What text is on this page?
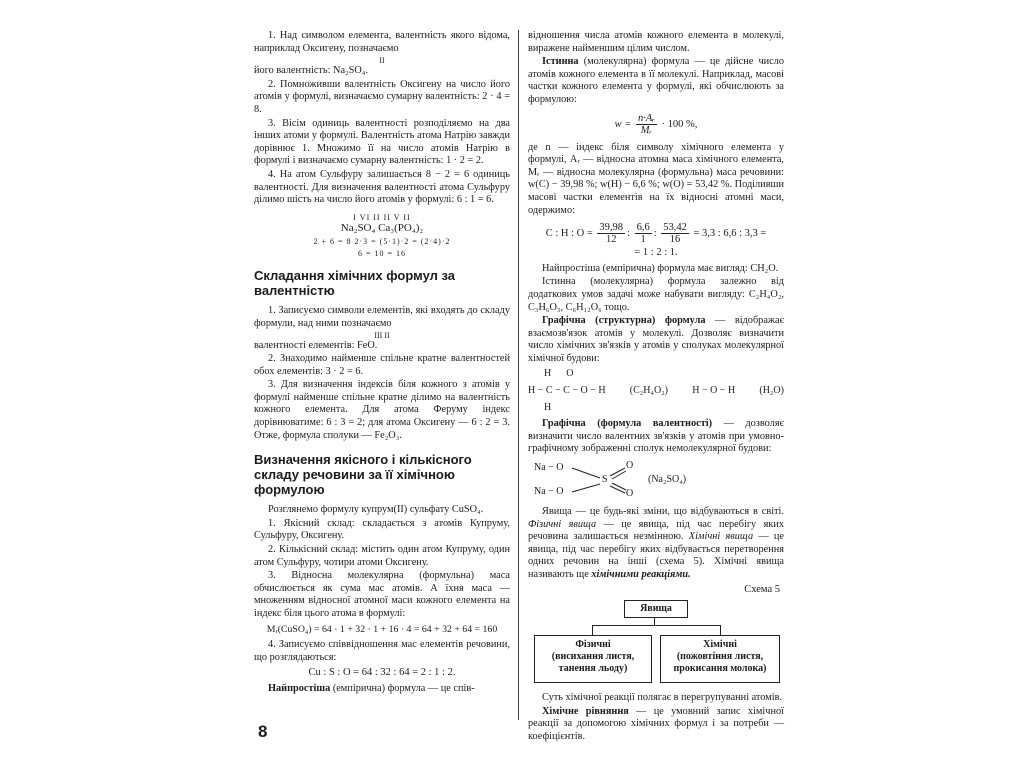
1. Над символом елемента, валентність якого відома, наприклад Оксигену, позначаємо

II

його валентність: Na₂SO₄.

2. Помноживши валентність Оксигену на число його атомів у формулі, визначаємо сумарну валентність: 2 · 4 = 8.

3. Вісім одиниць валентності розподіляємо на два інших атоми у формулі. Валентність атома Натрію завжди дорівнює 1. Множимо її на число атомів Натрію в формулі і визначаємо сумарну валентність: 1 · 2 = 2.

4. На атом Сульфуру залишається 8 − 2 = 6 одиниць валентності. Для визначення валентності атома Сульфуру ділимо шість на число його атомів у формулі: 6 : 1 = 6.

I VI II II V II
Na₂SO₄ Ca₃(PO₄)₂
2 + 6 = 8 2·3 = (5·1)·2 = (2·4)·2
6 = 10 = 16
Складання хімічних формул за валентністю

1. Записуємо символи елементів, які входять до складу формули, над ними позначаємо

III II

валентності елементів: FeO.

2. Знаходимо найменше спільне кратне валентностей обох елементів: 3 · 2 = 6.

3. Для визначення індексів біля кожного з атомів у формулі найменше спільне кратне ділимо на валентність кожного елемента. Для атома Феруму індекс дорівнюватиме: 6 : 3 = 2; для атома Оксигену — 6 : 2 = 3. Отже, формула сполуки — Fe₂O₃.

Визначення якісного і кількісного складу речовини за її хімічною формулою

Розглянемо формулу купрум(II) сульфату CuSO₄.

1. Якісний склад: складається з атомів Купруму, Сульфуру, Оксигену.

2. Кількісний склад: містить один атом Купруму, один атом Сульфуру, чотири атоми Оксигену.

3. Відносна молекулярна (формульна) маса обчислюється як сума мас атомів. А їхня маса — множенням відносної атомної маси кожного елемента на індекс біля цього атома в формулі:

Mᵣ(CuSO₄) = 64 · 1 + 32 · 1 + 16 · 4 = 64 + 32 + 64 = 160

4. Записуємо співвідношення мас елементів речовини, що розглядаються:

Cu : S : O = 64 : 32 : 64 = 2 : 1 : 2.

Найпростіша (емпірична) формула — це спів-

відношення числа атомів кожного елемента в молекулі, виражене найменшим цілим числом.

Істинна (молекулярна) формула — це дійсне число атомів кожного елемента в її молекулі. Наприклад, масові частки кожного елемента у формулі, які обчислюють за формулою:

$w = \frac{\text{n·Aᵣ}}{\text{Mᵣ}} \cdot 100$ %,

де n — індекс біля символу хімічного елемента у формулі, Aᵣ — відносна атомна маса хімічного елемента, Mᵣ — відносна молекулярна (формульна) маса речовини: w(C) − 39,98 %; w(H) − 6,6 %; w(O) = 53,42 %. Поділивши масові частки елементів на їх відносні атомні маси, одержимо:

C : H : $O = \frac{39,98}{12}$ : $\frac{6,6}{1}$ : $\frac{53,42}{16} = 3,3$ : 6,6 : 3,3 =
= 1 : 2 : 1.

Найпростіша (емпірична) формула має вигляд: CH₂O.

Істинна (молекулярна) формула залежно від додаткових умов задачі може набувати вигляду: C₂H₄O₂, C₃H₆O₃, C₆H₁₂O₆ тощо.

Графічна (структурна) формула — відображає взаємозв'язок атомів у молекулі. Дозволяє визначити число хімічних зв'язків у атомів у сполуках молекулярної хімічної будови:

H      O
H − C − C − O − H (C₂H₄O₂) H − O − H (H₂O)
H

Графічна (формула валентності) — дозволяє визначити число валентних зв'язків у атомів при умовно-графічному зображенні сполук немолекулярної будови:

Na − O
Na − O
S
O
O
(Na₂SO₄)

Явища — це будь-які зміни, що відбуваються в світі. Фізичні явища — це явища, під час перебігу яких речовина залишається незмінною. Хімічні явища — це явища, під час перебігу яких відбувається перетворення одних речовин на інші (схема 5). Хімічні явища називають ще хімічними реакціями.

Схема 5
Явища
Фізичні
(висихання листя, танення льоду)
Хімічні
(пожовтіння листя, прокисання молока)

Суть хімічної реакції полягає в перегрупуванні атомів.

Хімічне рівняння — це умовний запис хімічної реакції за допомогою хімічних формул і за потреби — коефіцієнтів.

8
